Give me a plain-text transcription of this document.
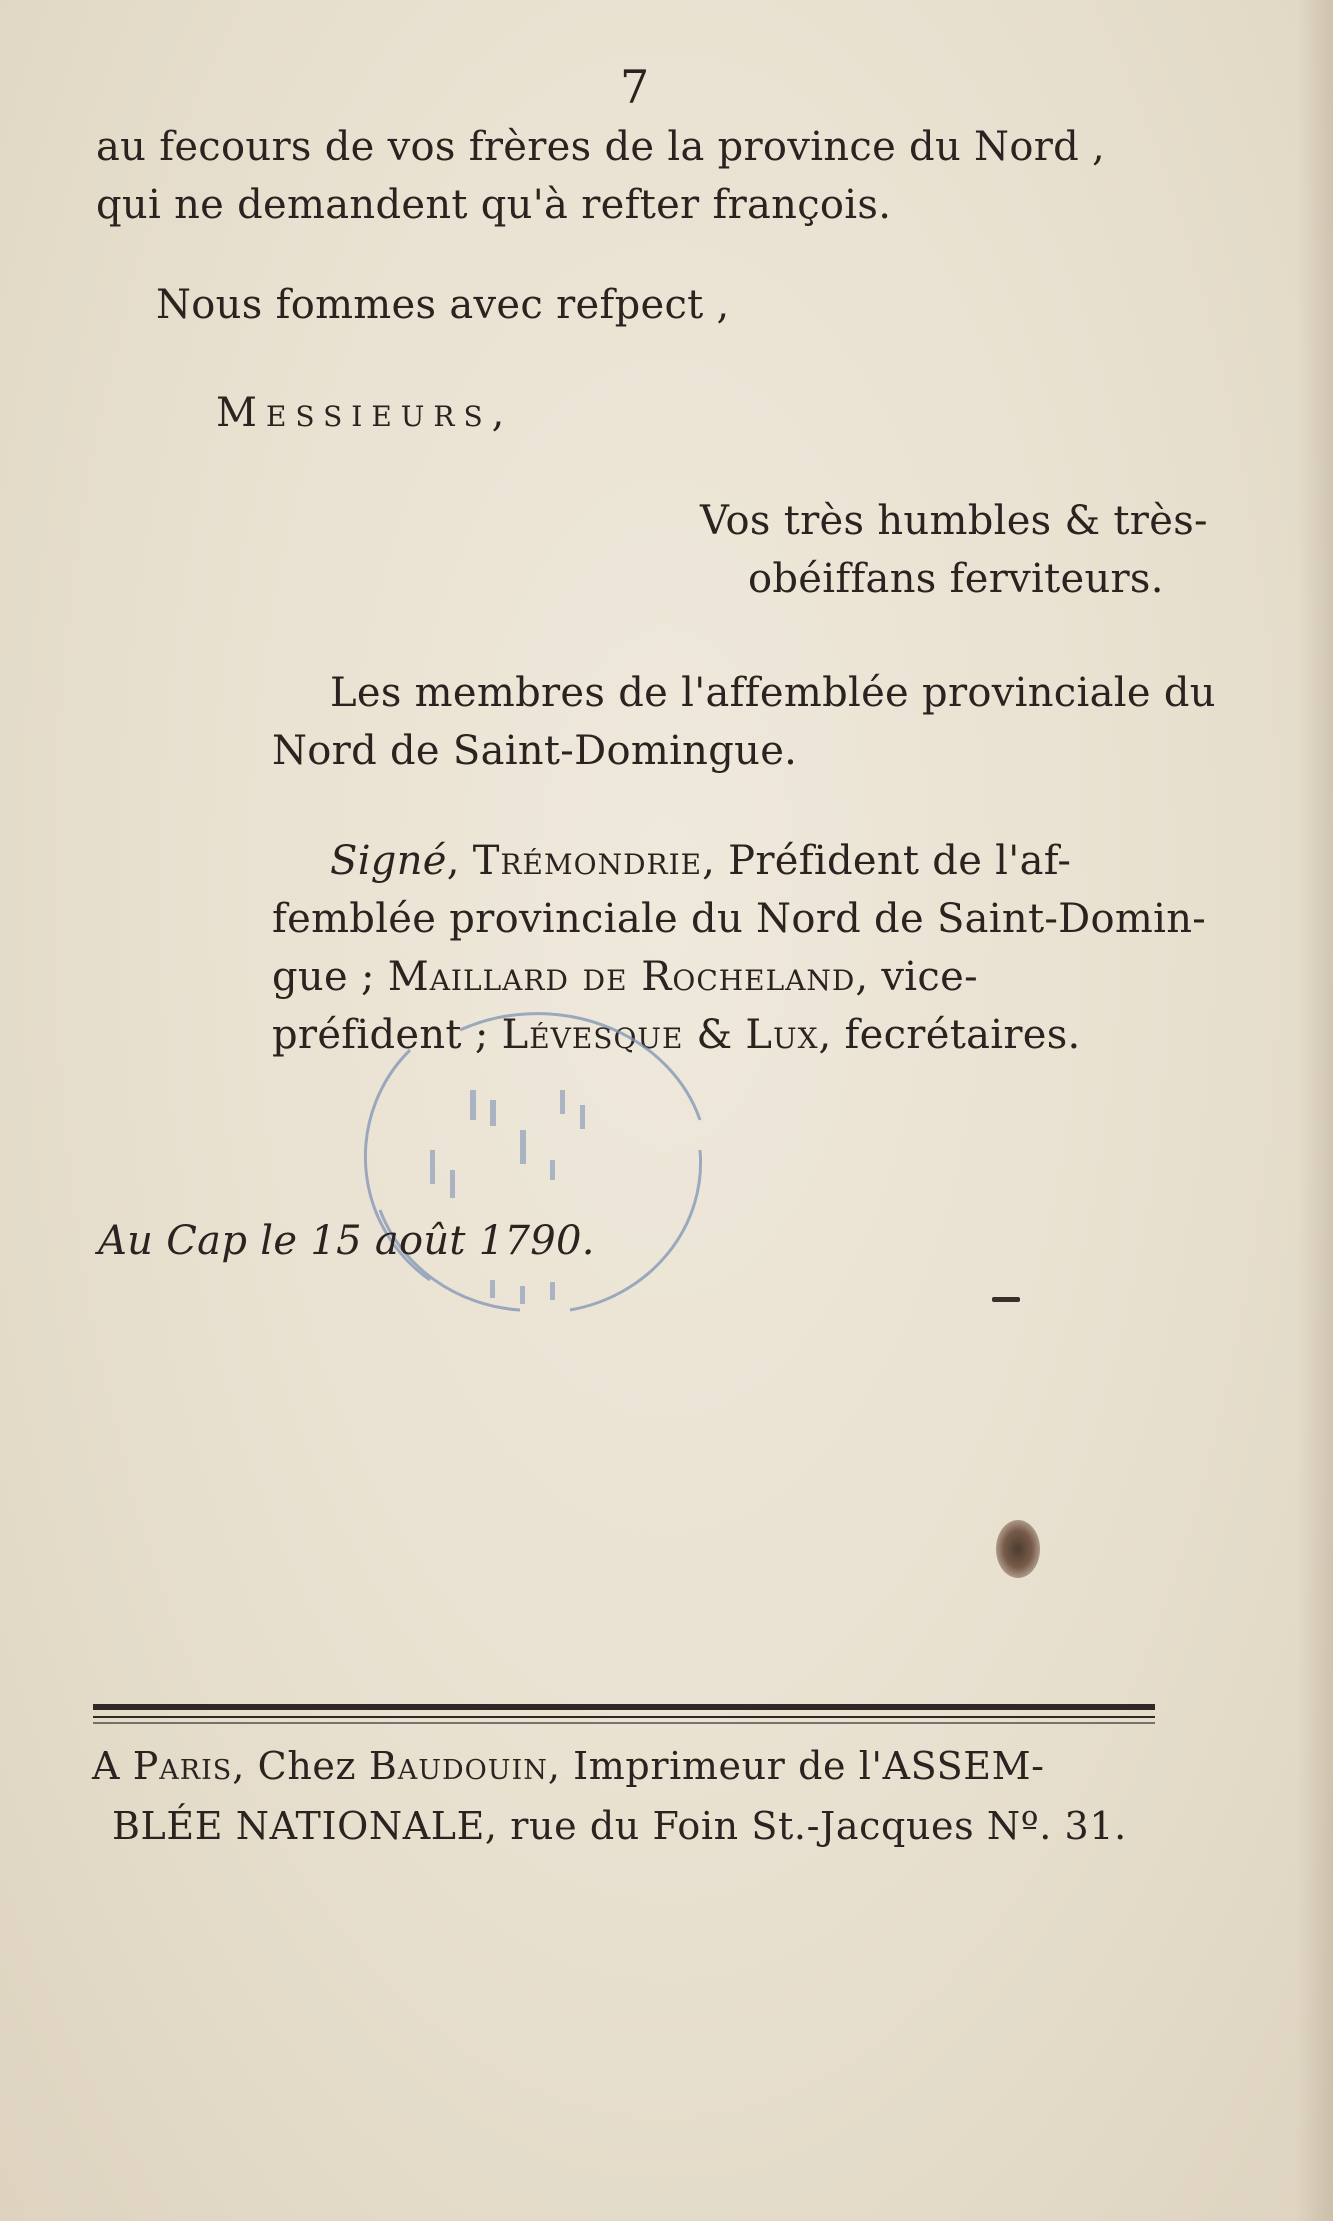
7
au fecours de vos frères de la province du Nord ,
qui ne demandent qu'à refter françois.
Nous fommes avec refpect ,
Messieurs,
Vos très humbles & très-
obéiffans ferviteurs.
Les membres de l'affemblée provinciale du
Nord de Saint-Domingue.
Signé, Trémondrie, Préfident de l'af-
femblée provinciale du Nord de Saint-Domin-
gue ; Maillard de Rocheland, vice-
préfident ; Lévesque & Lux, fecrétaires.
Au Cap le 15 août 1790.
A Paris, Chez Baudouin, Imprimeur de l'ASSEM-
BLÉE NATIONALE, rue du Foin St.-Jacques Nº. 31.
